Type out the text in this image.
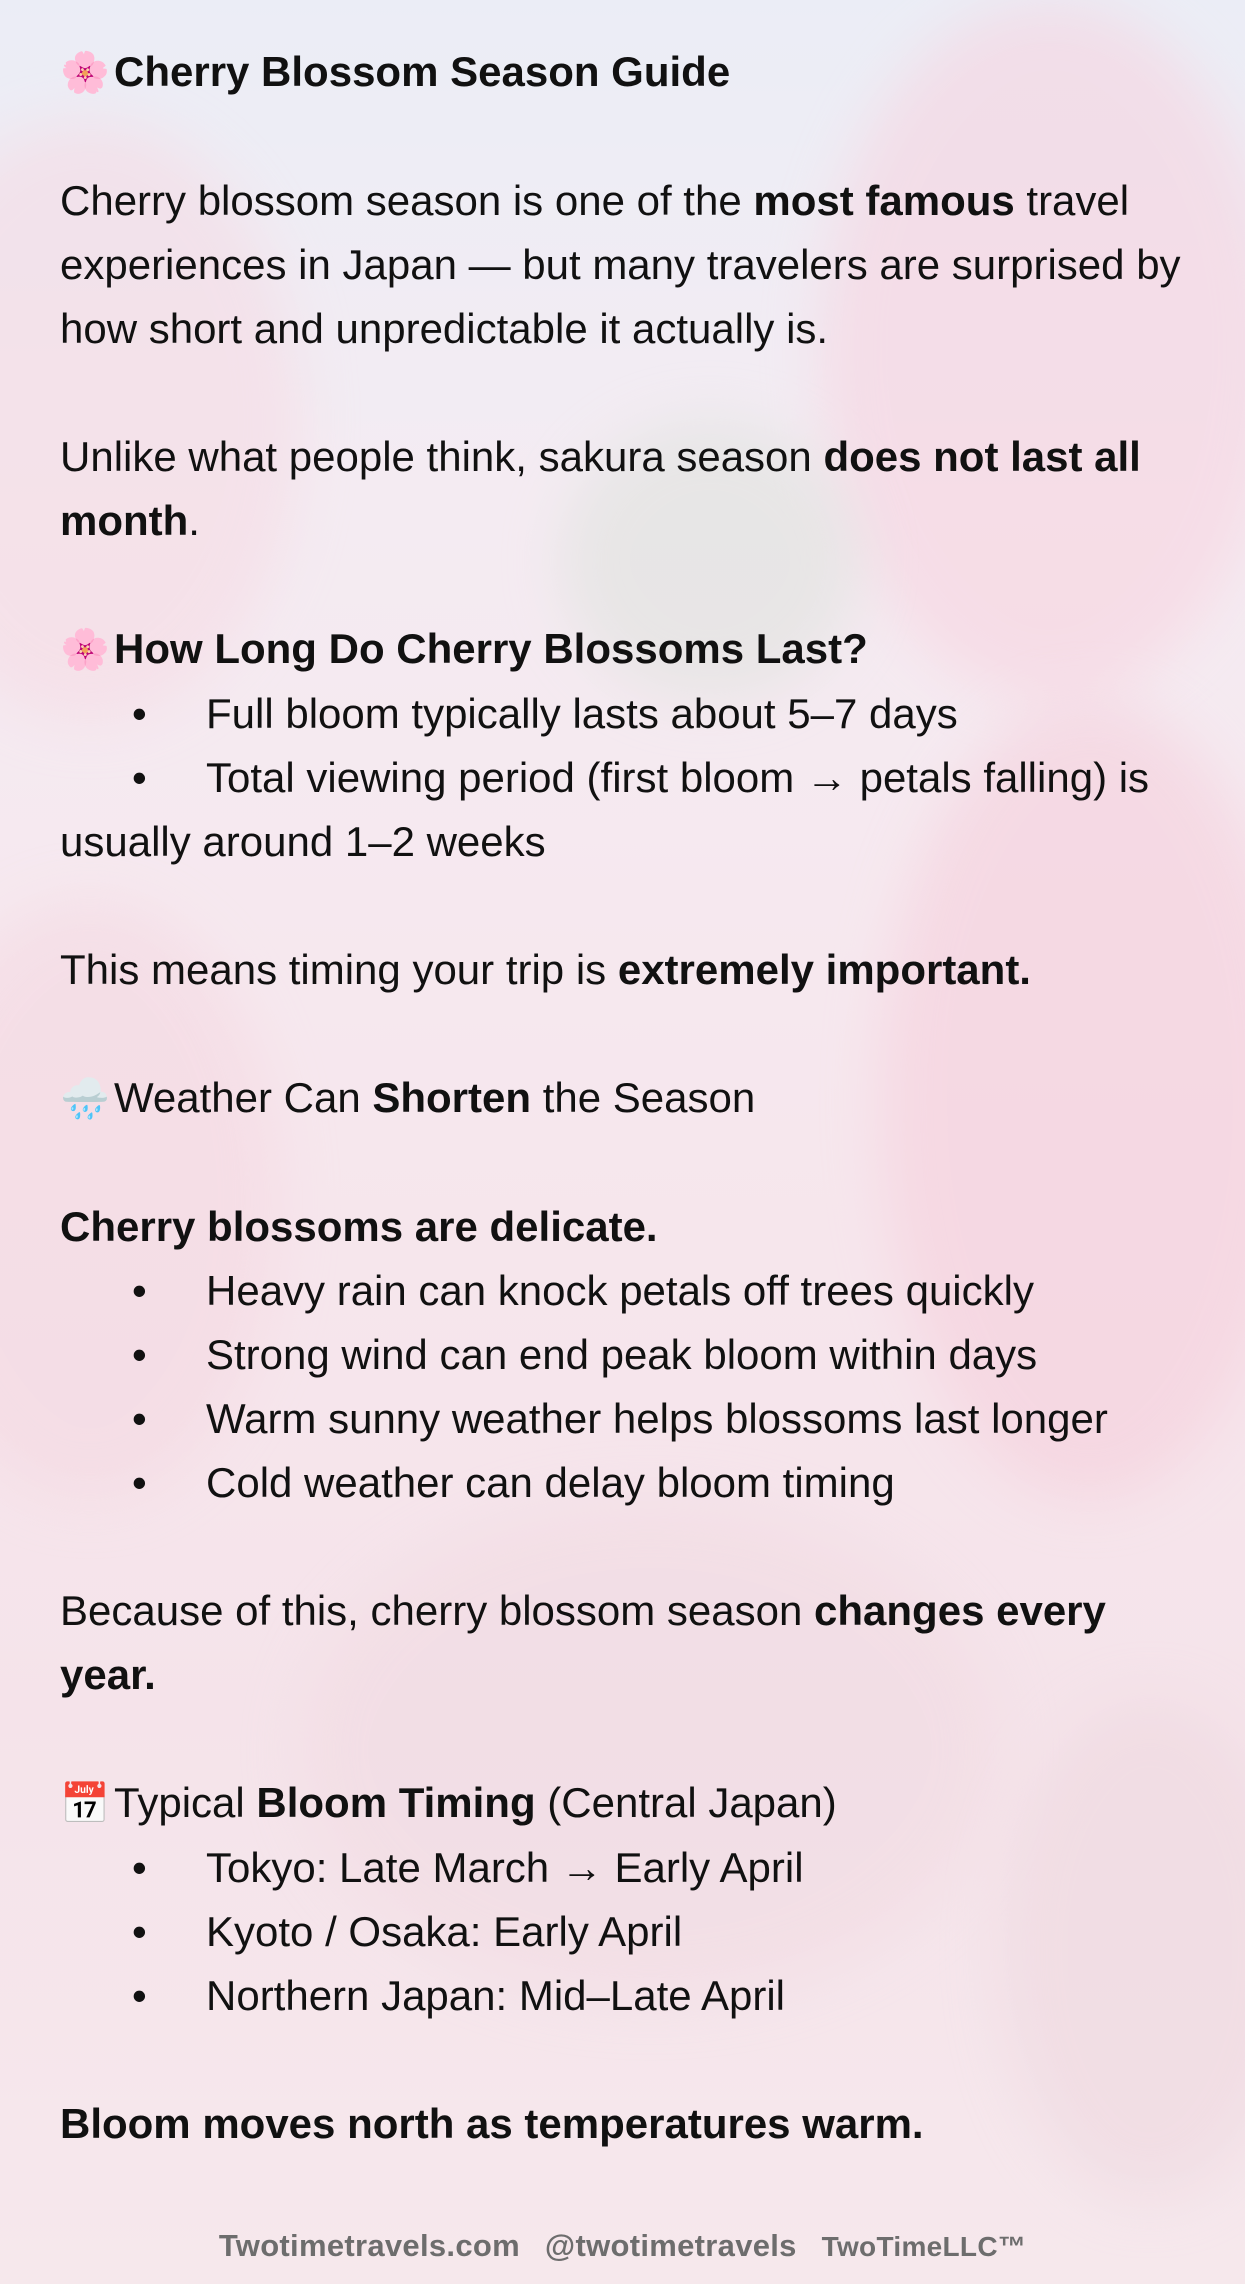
🌸Cherry Blossom Season Guide

Cherry blossom season is one of the most famous travel experiences in Japan — but many travelers are surprised by how short and unpredictable it actually is.

Unlike what people think, sakura season does not last all month.

🌸How Long Do Cherry Blossoms Last?

• Full bloom typically lasts about 5–7 days

• Total viewing period (first bloom → petals falling) is usually around 1–2 weeks

This means timing your trip is extremely important.

🌧️Weather Can Shorten the Season

Cherry blossoms are delicate.

• Heavy rain can knock petals off trees quickly

• Strong wind can end peak bloom within days

• Warm sunny weather helps blossoms last longer

• Cold weather can delay bloom timing

Because of this, cherry blossom season changes every year.

📅Typical Bloom Timing (Central Japan)

• Tokyo: Late March → Early April

• Kyoto / Osaka: Early April

• Northern Japan: Mid–Late April

Bloom moves north as temperatures warm.

Twotimetravels.com @twotimetravels TwoTimeLLC™
